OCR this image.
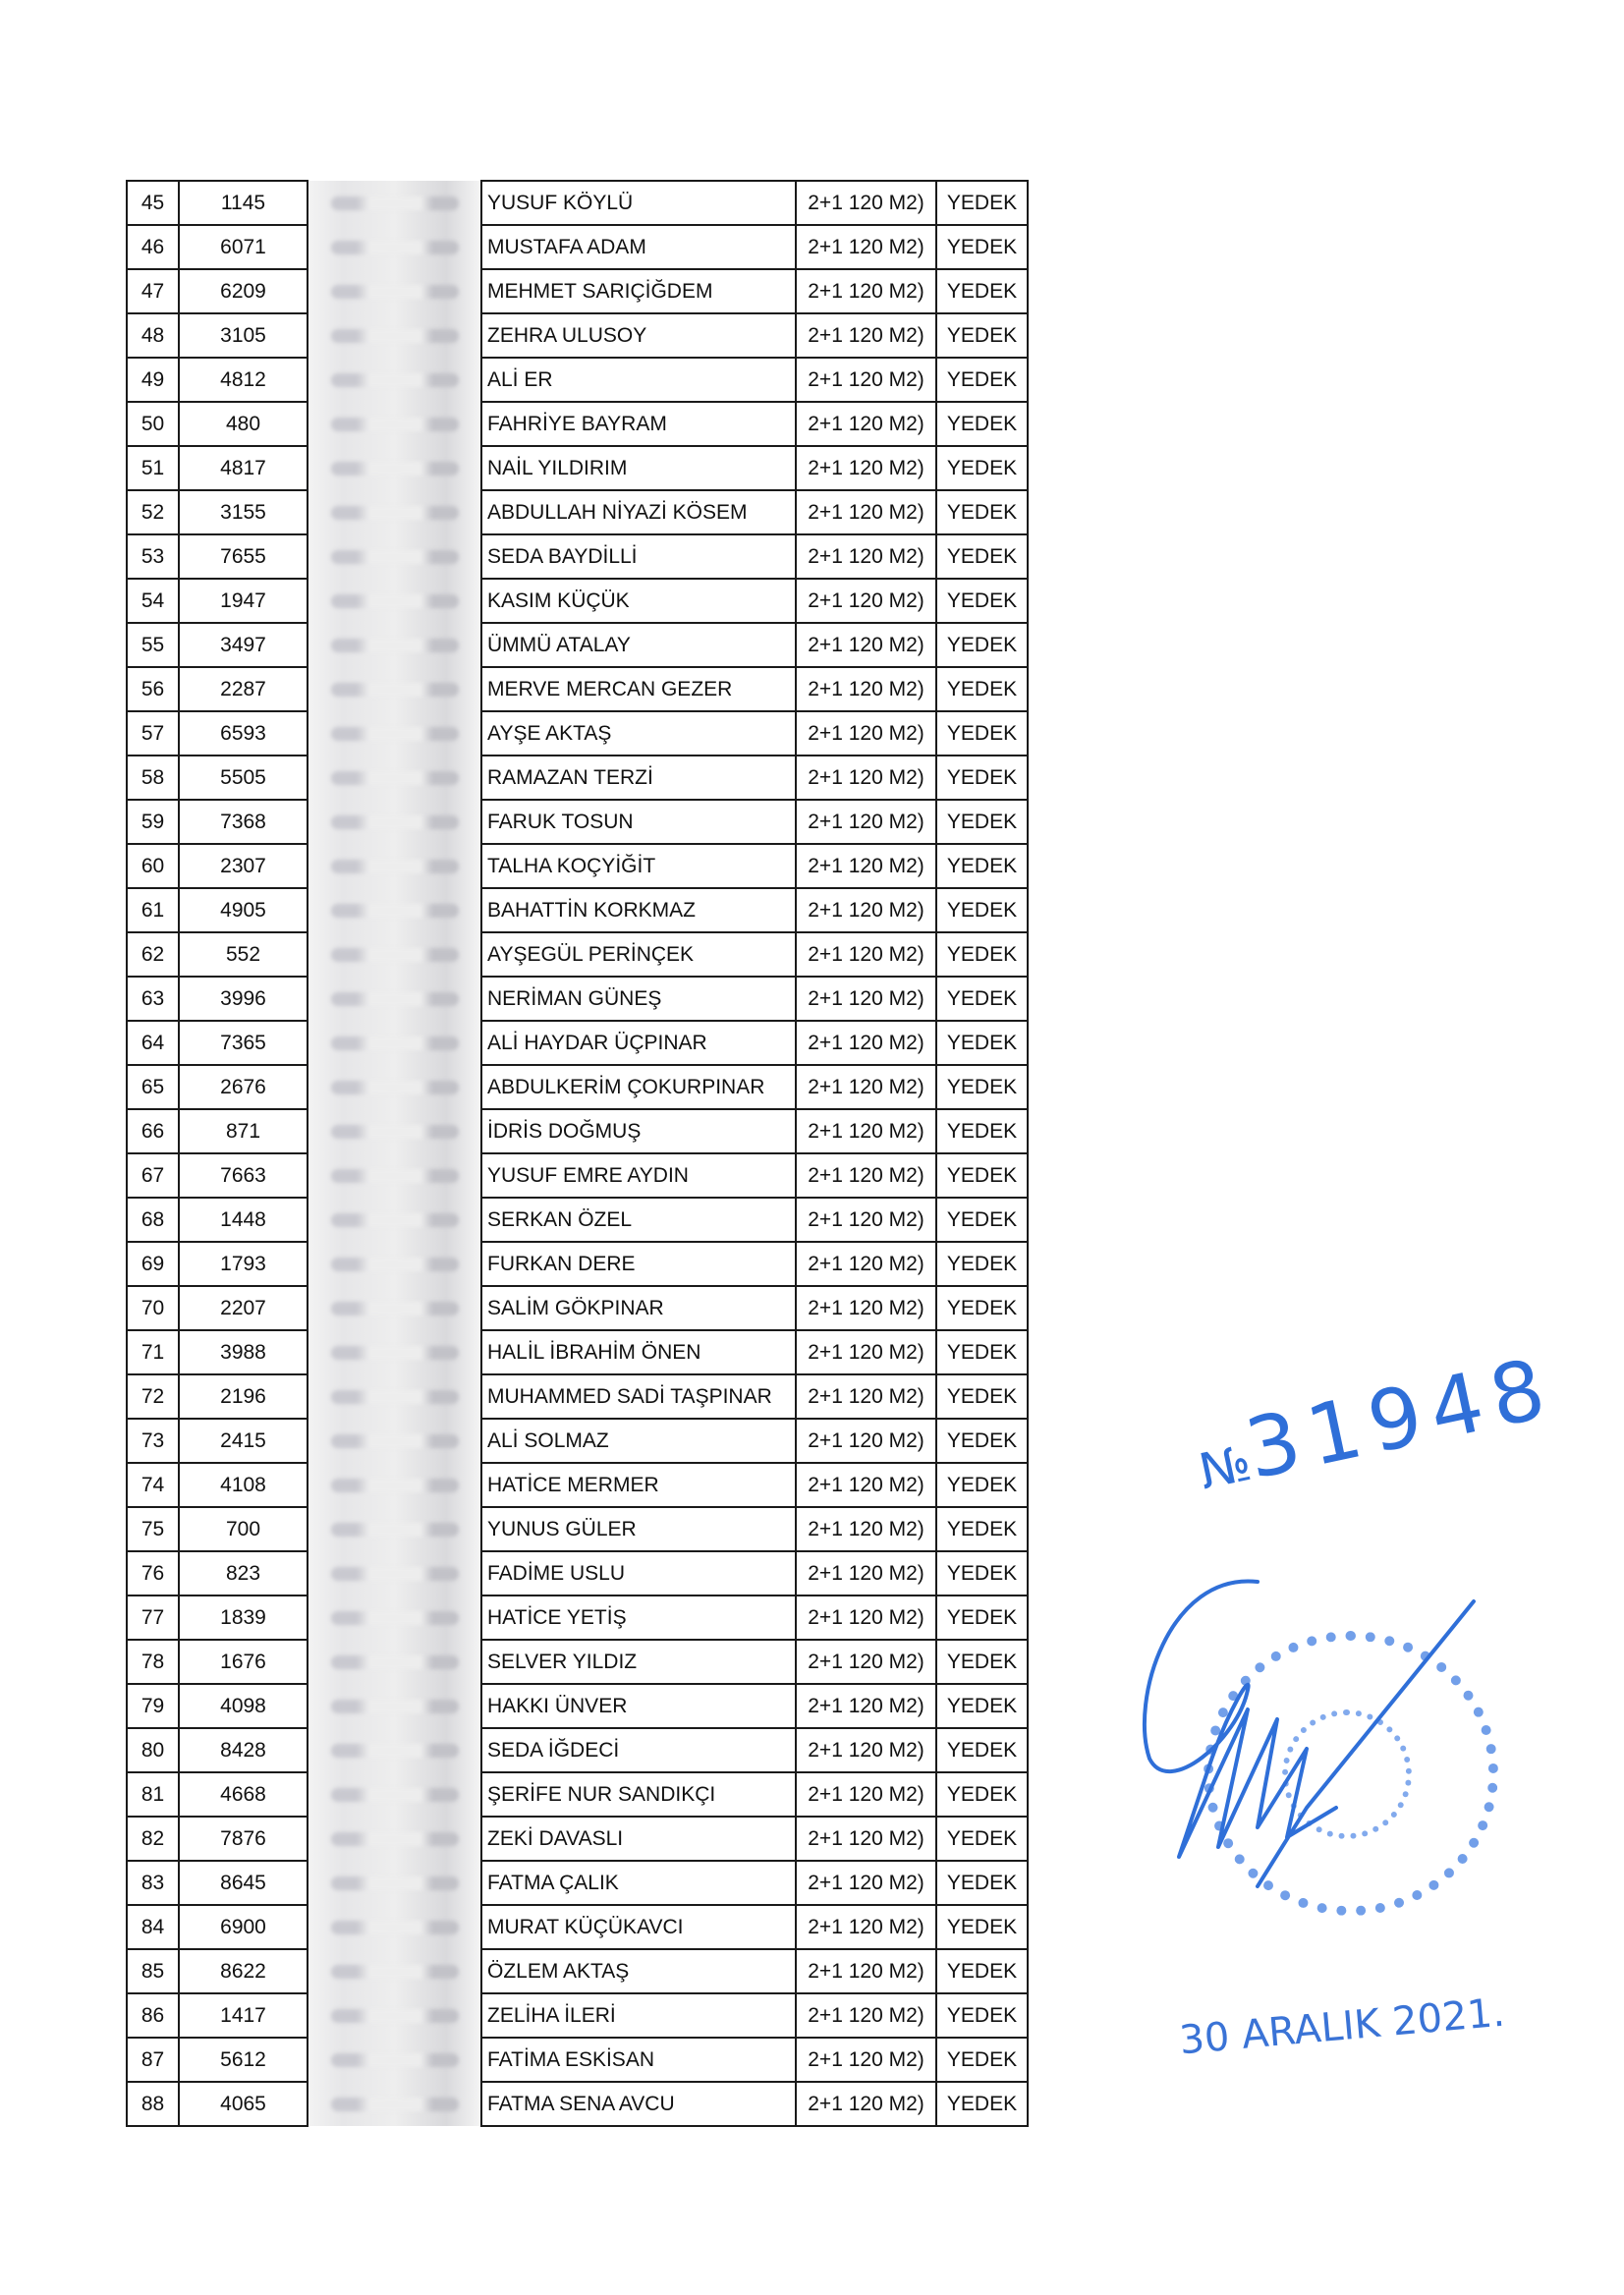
45	1145		YUSUF KÖYLÜ	2+1 120 M2)	YEDEK
46	6071		MUSTAFA ADAM	2+1 120 M2)	YEDEK
47	6209		MEHMET SARIÇİĞDEM	2+1 120 M2)	YEDEK
48	3105		ZEHRA ULUSOY	2+1 120 M2)	YEDEK
49	4812		ALİ ER	2+1 120 M2)	YEDEK
50	480		FAHRİYE BAYRAM	2+1 120 M2)	YEDEK
51	4817		NAİL YILDIRIM	2+1 120 M2)	YEDEK
52	3155		ABDULLAH NİYAZİ KÖSEM	2+1 120 M2)	YEDEK
53	7655		SEDA BAYDİLLİ	2+1 120 M2)	YEDEK
54	1947		KASIM KÜÇÜK	2+1 120 M2)	YEDEK
55	3497		ÜMMÜ ATALAY	2+1 120 M2)	YEDEK
56	2287		MERVE MERCAN GEZER	2+1 120 M2)	YEDEK
57	6593		AYŞE AKTAŞ	2+1 120 M2)	YEDEK
58	5505		RAMAZAN TERZİ	2+1 120 M2)	YEDEK
59	7368		FARUK TOSUN	2+1 120 M2)	YEDEK
60	2307		TALHA KOÇYİĞİT	2+1 120 M2)	YEDEK
61	4905		BAHATTİN KORKMAZ	2+1 120 M2)	YEDEK
62	552		AYŞEGÜL PERİNÇEK	2+1 120 M2)	YEDEK
63	3996		NERİMAN GÜNEŞ	2+1 120 M2)	YEDEK
64	7365		ALİ HAYDAR ÜÇPINAR	2+1 120 M2)	YEDEK
65	2676		ABDULKERİM ÇOKURPINAR	2+1 120 M2)	YEDEK
66	871		İDRİS DOĞMUŞ	2+1 120 M2)	YEDEK
67	7663		YUSUF EMRE AYDIN	2+1 120 M2)	YEDEK
68	1448		SERKAN ÖZEL	2+1 120 M2)	YEDEK
69	1793		FURKAN DERE	2+1 120 M2)	YEDEK
70	2207		SALİM GÖKPINAR	2+1 120 M2)	YEDEK
71	3988		HALİL İBRAHİM ÖNEN	2+1 120 M2)	YEDEK
72	2196		MUHAMMED SADİ TAŞPINAR	2+1 120 M2)	YEDEK
73	2415		ALİ SOLMAZ	2+1 120 M2)	YEDEK
74	4108		HATİCE MERMER	2+1 120 M2)	YEDEK
75	700		YUNUS GÜLER	2+1 120 M2)	YEDEK
76	823		FADİME USLU	2+1 120 M2)	YEDEK
77	1839		HATİCE YETİŞ	2+1 120 M2)	YEDEK
78	1676		SELVER YILDIZ	2+1 120 M2)	YEDEK
79	4098		HAKKI ÜNVER	2+1 120 M2)	YEDEK
80	8428		SEDA İĞDECİ	2+1 120 M2)	YEDEK
81	4668		ŞERİFE NUR SANDIKÇI	2+1 120 M2)	YEDEK
82	7876		ZEKİ DAVASLI	2+1 120 M2)	YEDEK
83	8645		FATMA ÇALIK	2+1 120 M2)	YEDEK
84	6900		MURAT KÜÇÜKAVCI	2+1 120 M2)	YEDEK
85	8622		ÖZLEM AKTAŞ	2+1 120 M2)	YEDEK
86	1417		ZELİHA İLERİ	2+1 120 M2)	YEDEK
87	5612		FATİMA ESKİSAN	2+1 120 M2)	YEDEK
88	4065		FATMA SENA AVCU	2+1 120 M2)	YEDEK
№31948
30 ARALIK 2021.
